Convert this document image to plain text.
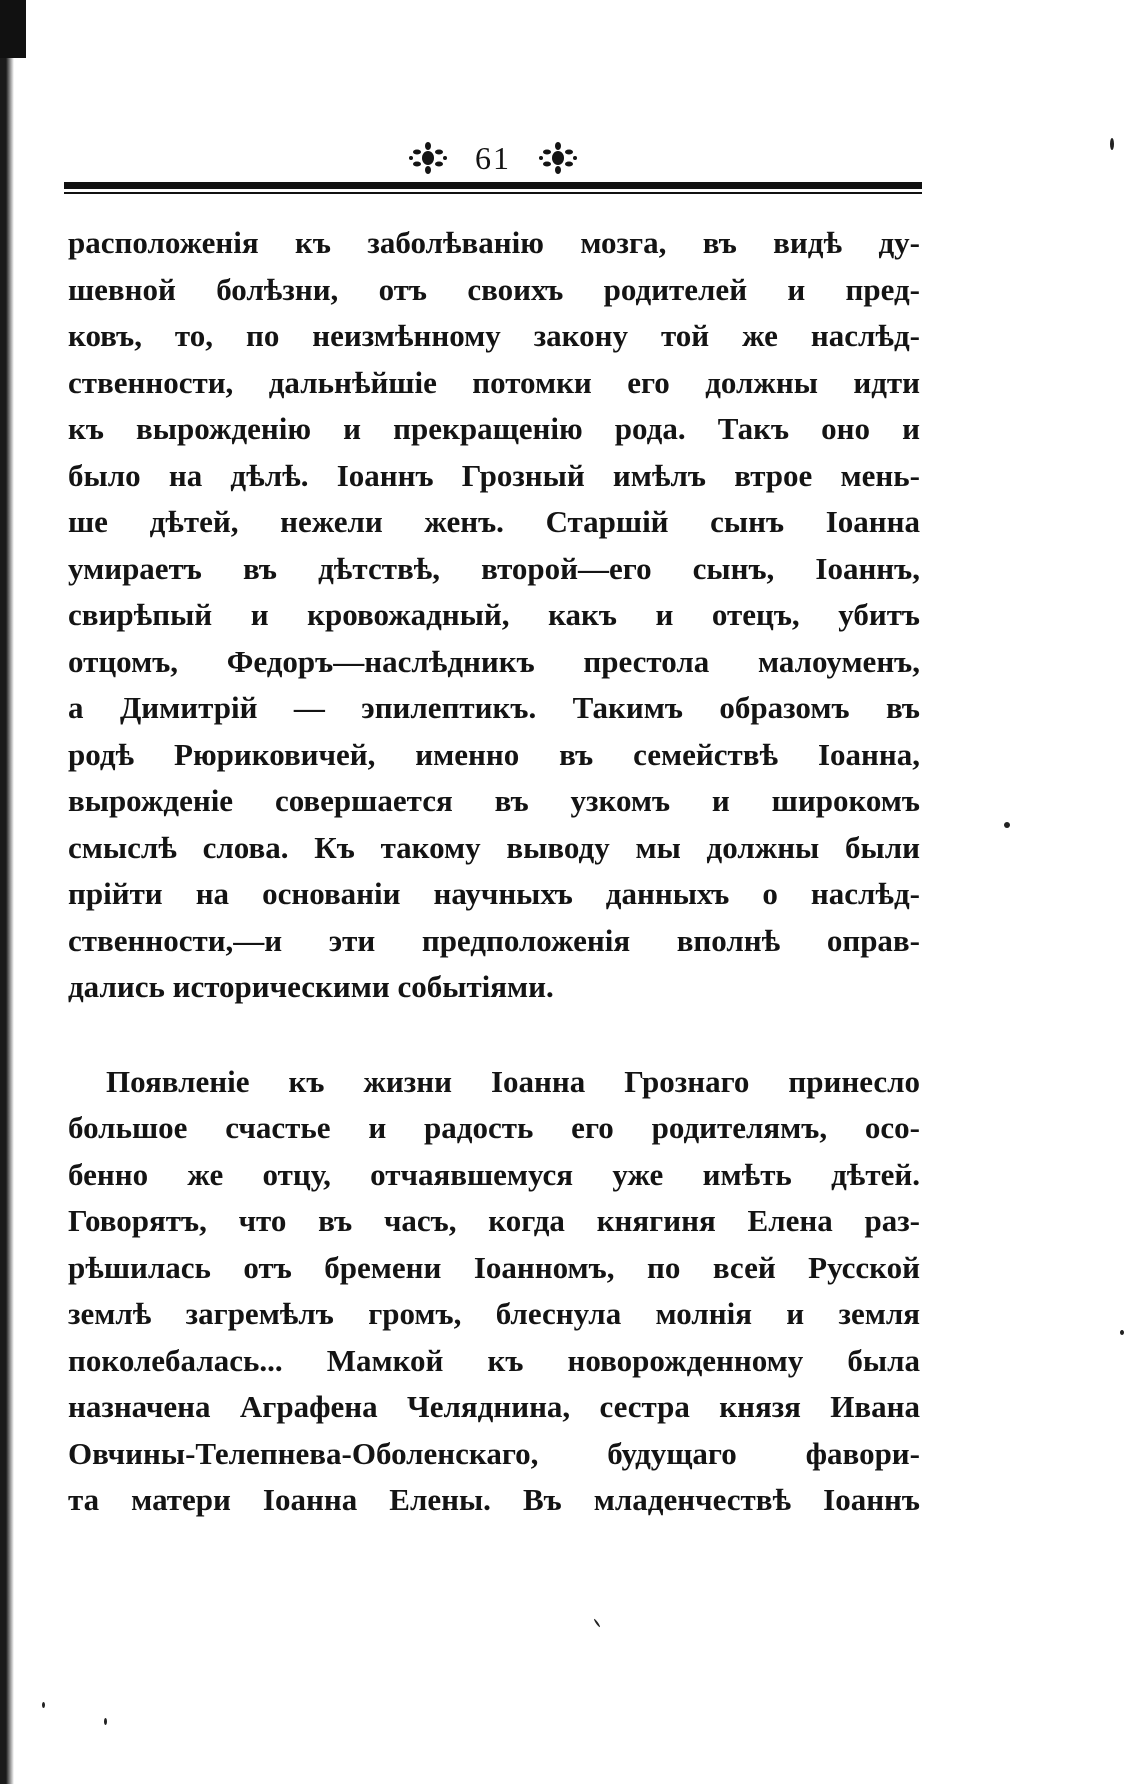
61
расположенія къ заболѣванію мозга, въ видѣ ду-
шевной болѣзни, отъ своихъ родителей и пред-
ковъ, то, по неизмѣнному закону той же наслѣд-
ственности, дальнѣйшіе потомки его должны идти
къ вырожденію и прекращенію рода. Такъ оно и
было на дѣлѣ. Іоаннъ Грозный имѣлъ втрое мень-
ше дѣтей, нежели женъ. Старшій сынъ Іоанна
умираетъ въ дѣтствѣ, второй—его сынъ, Іоаннъ,
свирѣпый и кровожадный, какъ и отецъ, убитъ
отцомъ, Федоръ—наслѣдникъ престола малоуменъ,
а Димитрій — эпилептикъ. Такимъ образомъ въ
родѣ Рюриковичей, именно въ семействѣ Іоанна,
вырожденіе совершается въ узкомъ и широкомъ
смыслѣ слова. Къ такому выводу мы должны были
прійти на основаніи научныхъ данныхъ о наслѣд-
ственности,—и эти предположенія вполнѣ оправ-
дались историческими событіями.
Появленіе къ жизни Іоанна Грознаго принесло
большое счастье и радость его родителямъ, осо-
бенно же отцу, отчаявшемуся уже имѣть дѣтей.
Говорятъ, что въ часъ, когда княгиня Елена раз-
рѣшилась отъ бремени Іоанномъ, по всей Русской
землѣ загремѣлъ громъ, блеснула молнія и земля
поколебалась... Мамкой къ новорожденному была
назначена Аграфена Челяднина, сестра князя Ивана
Овчины-Телепнева-Оболенскаго, будущаго фавори-
та матери Іоанна Елены. Въ младенчествѣ Іоаннъ
